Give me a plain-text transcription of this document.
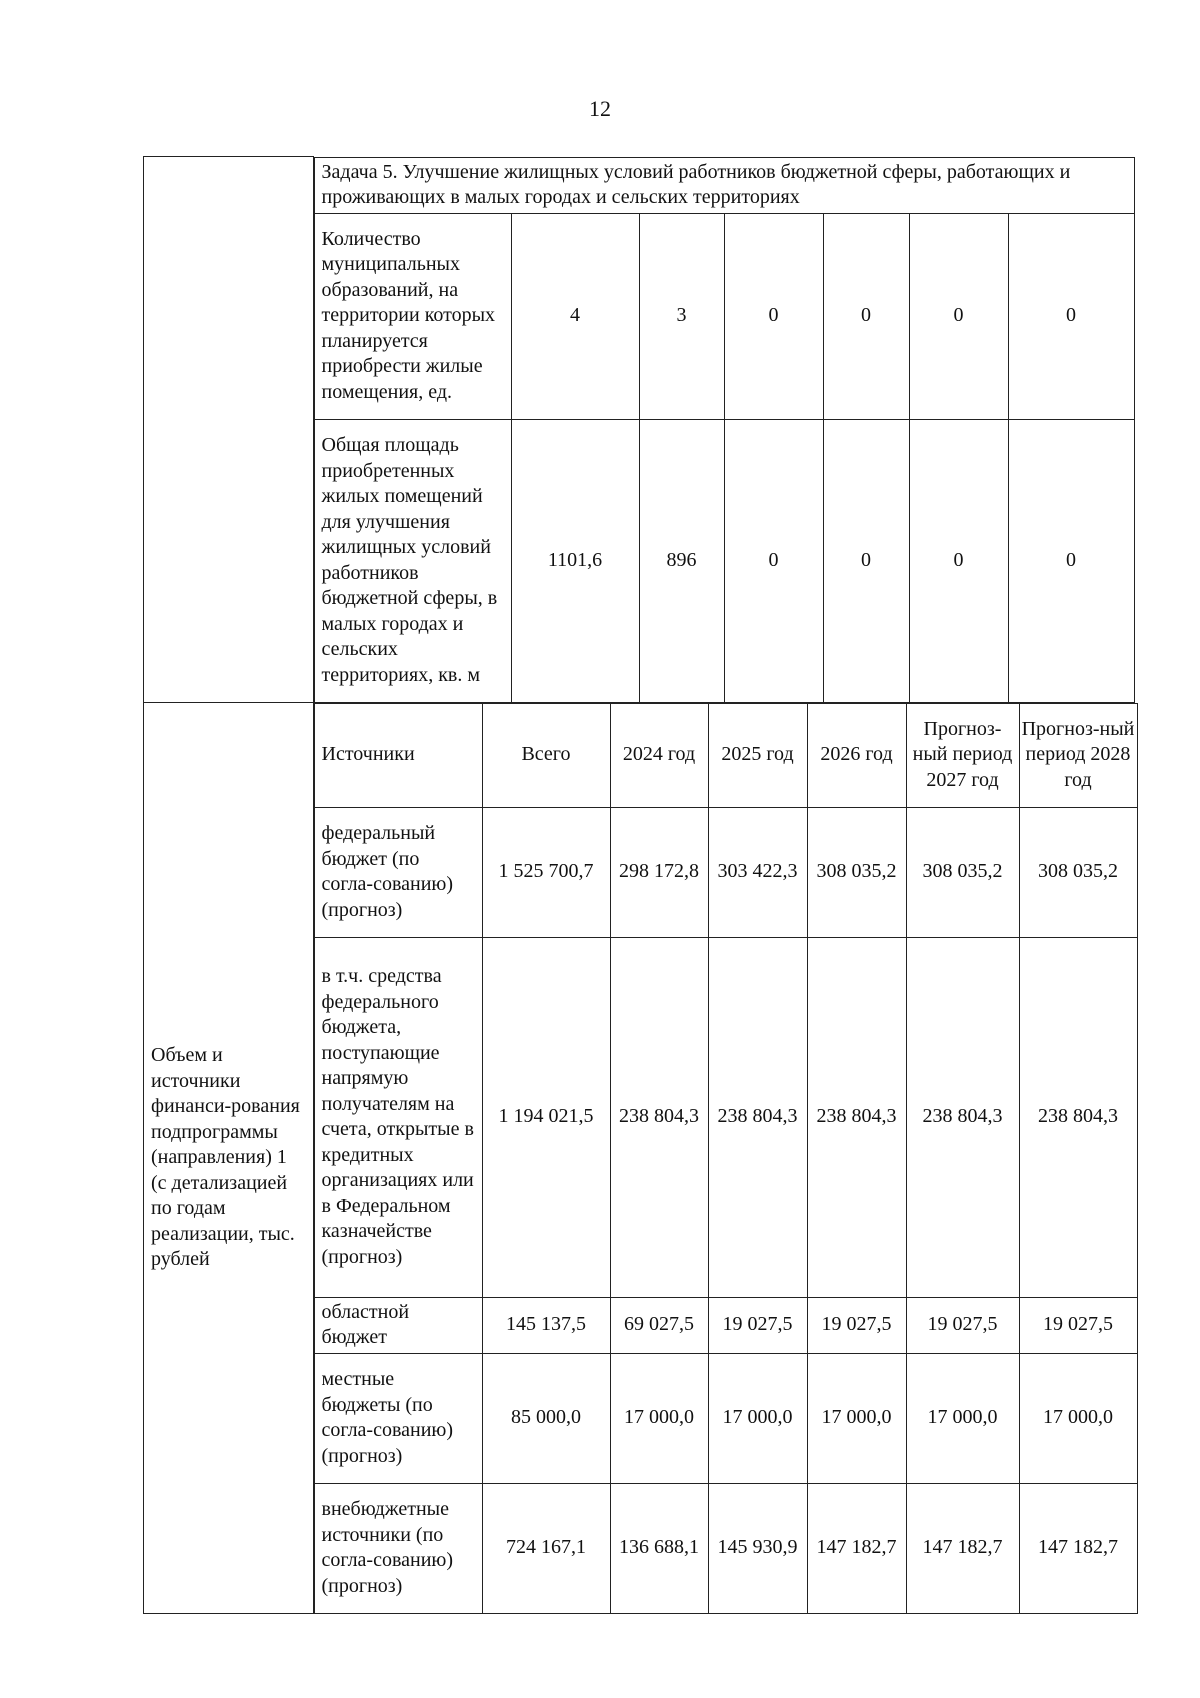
12

Задача 5. Улучшение жилищных условий работников бюджетной сферы, работающих и проживающих в малых городах и сельских территориях
Количество муниципальных образований, на территории которых планируется приобрести жилые помещения, ед.	4	3	0	0	0	0
Общая площадь приобретенных жилых помещений для улучшения жилищных условий работников бюджетной сферы, в малых городах и сельских территориях, кв. м	1101,6	896	0	0	0	0

Объем и источники финанси-рования подпрограммы (направления) 1 (с детализацией по годам реализации, тыс. рублей	
Источники	Всего	2024 год	2025 год	2026 год	Прогноз-ный период 2027 год	Прогноз-ный период 2028 год
федеральный бюджет (по согла-сованию) (прогноз)	1 525 700,7	298 172,8	303 422,3	308 035,2	308 035,2	308 035,2
в т.ч. средства федерального бюджета, поступающие напрямую получателям на счета, открытые в кредитных организациях или в Федеральном казначействе (прогноз)	1 194 021,5	238 804,3	238 804,3	238 804,3	238 804,3	238 804,3
областной бюджет	145 137,5	69 027,5	19 027,5	19 027,5	19 027,5	19 027,5
местные бюджеты (по согла-сованию) (прогноз)	85 000,0	17 000,0	17 000,0	17 000,0	17 000,0	17 000,0
внебюджетные источники (по согла-сованию) (прогноз)	724 167,1	136 688,1	145 930,9	147 182,7	147 182,7	147 182,7
